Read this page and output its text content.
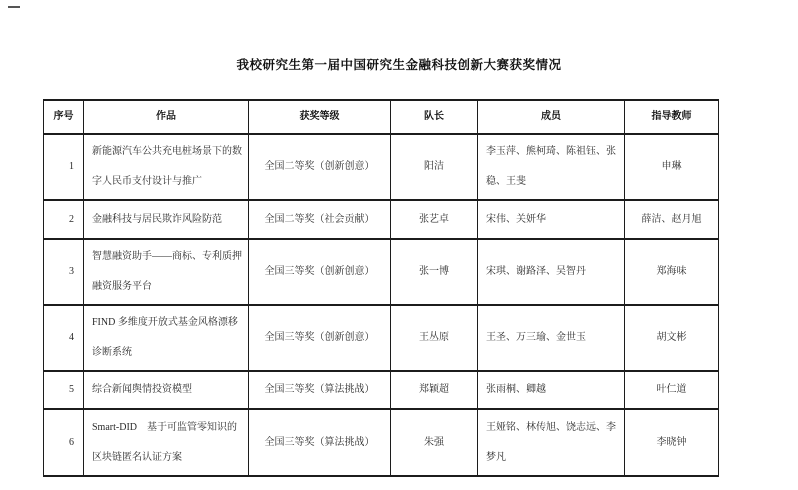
我校研究生第一届中国研究生金融科技创新大赛获奖情况
序号	作品	获奖等级	队长	成员	指导教师
1	新能源汽车公共充电桩场景下的数字人民币支付设计与推广	全国二等奖（创新创意）	阳洁	李玉萍、熊柯琦、陈祖钰、张稳、王斐	申琳
2	金融科技与居民欺诈风险防范	全国二等奖（社会贡献）	张艺卓	宋伟、关妍华	薛洁、赵月旭
3	智慧融资助手——商标、专利质押融资服务平台	全国三等奖（创新创意）	张一博	宋琪、谢路泽、吴智丹	郑海味
4	FIND 多维度开放式基金风格漂移诊断系统	全国三等奖（创新创意）	王丛原	王圣、万三瑜、金世玉	胡文彬
5	综合新闻舆情投资模型	全国三等奖（算法挑战）	郑颖超	张雨桐、卿越	叶仁道
6	Smart-DID　基于可监管零知识的区块链匿名认证方案	全国三等奖（算法挑战）	朱强	王娅铭、林传旭、饶志远、李梦凡	李晓钟
